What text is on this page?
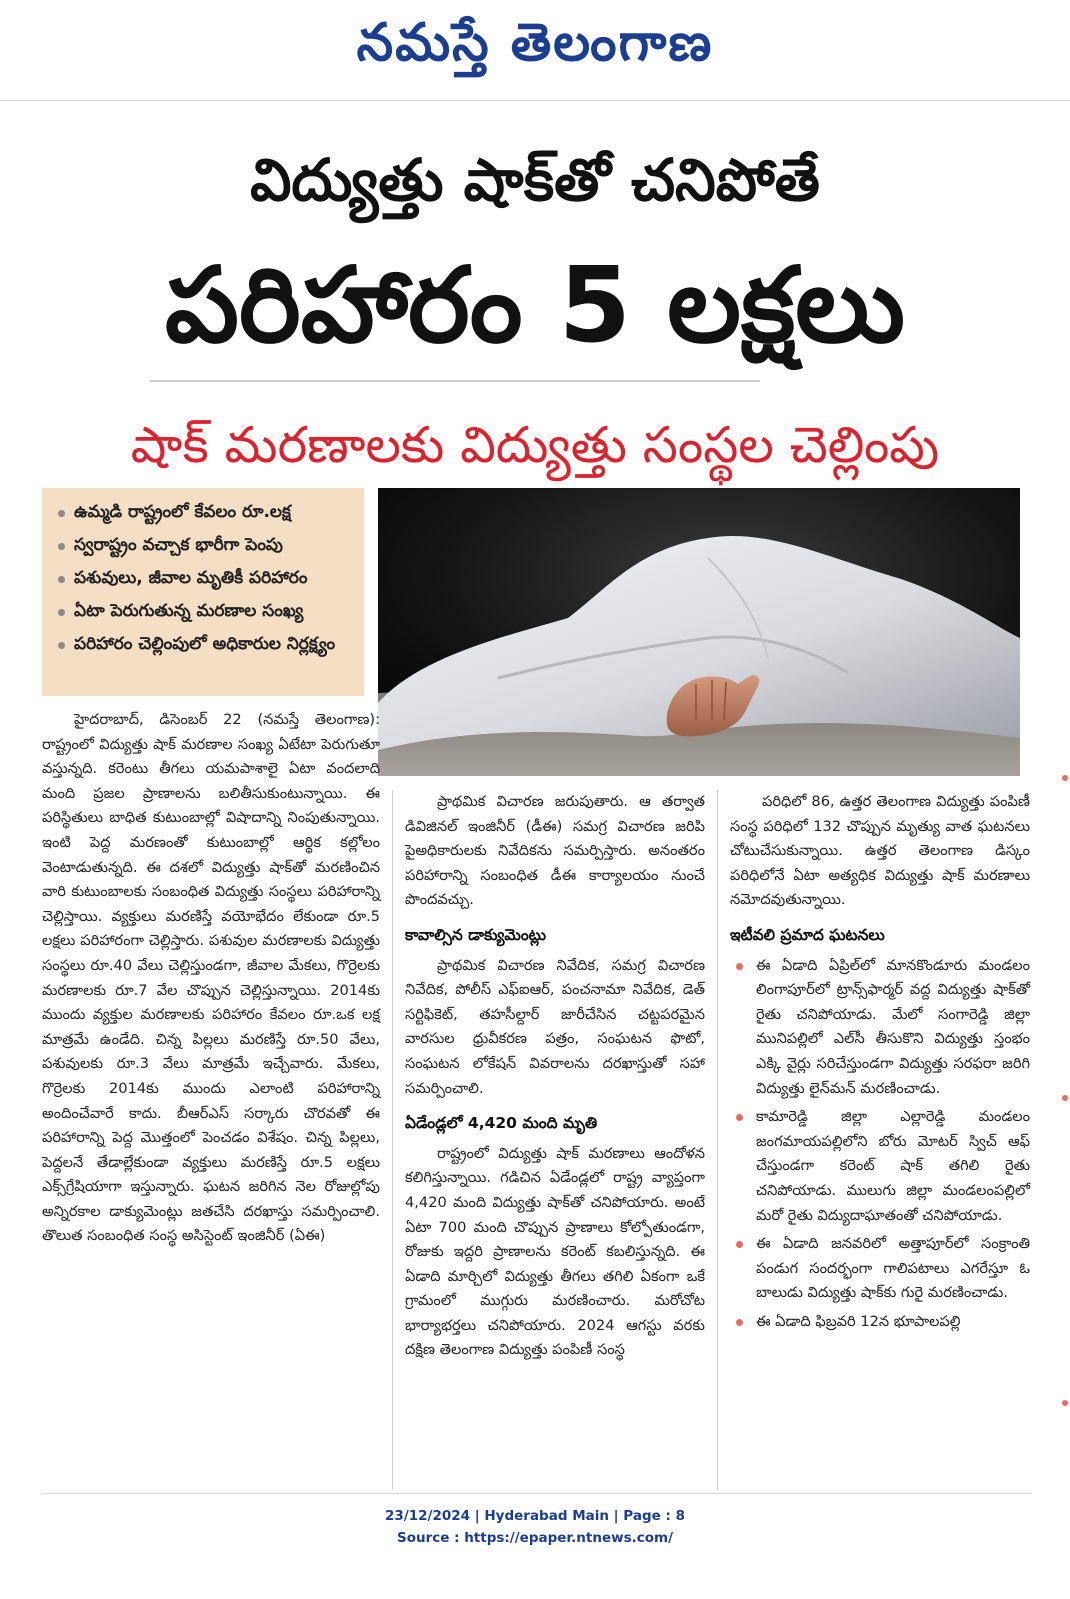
నమస్తే తెలంగాణ
విద్యుత్తు షాక్‌తో చనిపోతే
పరిహారం 5 లక్షలు
షాక్ మరణాలకు విద్యుత్తు సంస్థల చెల్లింపు
ఉమ్మడి రాష్ట్రంలో కేవలం రూ.లక్ష
స్వరాష్ట్రం వచ్చాక భారీగా పెంపు
పశువులు, జీవాల మృతికీ పరిహారం
ఏటా పెరుగుతున్న మరణాల సంఖ్య
పరిహారం చెల్లింపులో అధికారుల నిర్లక్ష్యం

హైదరాబాద్, డిసెంబర్ 22 (నమస్తే తెలంగాణ): రాష్ట్రంలో విద్యుత్తు షాక్ మరణాల సంఖ్య ఏటేటా పెరుగుతూ వస్తున్నది. కరెంటు తీగలు యమపాశాలై ఏటా వందలాది మంది ప్రజల ప్రాణాలను బలితీసుకుంటున్నాయి. ఈ పరిస్థితులు బాధిత కుటుంబాల్లో విషాదాన్ని నింపుతున్నాయి. ఇంటి పెద్ద మరణంతో కుటుంబాల్లో ఆర్థిక కల్లోలం వెంటాడుతున్నది. ఈ దశలో విద్యుత్తు షాక్‌తో మరణించిన వారి కుటుంబాలకు సంబంధిత విద్యుత్తు సంస్థలు పరిహారాన్ని చెల్లిస్తాయి. వ్యక్తులు మరణిస్తే వయోభేదం లేకుండా రూ.5 లక్షలు పరిహారంగా చెల్లిస్తారు. పశువుల మరణాలకు విద్యుత్తు సంస్థలు రూ.40 వేలు చెల్లిస్తుండగా, జీవాల మేకలు, గొర్రెలకు మరణాలకు రూ.7 వేల చొప్పున చెల్లిస్తున్నాయి. 2014కు ముందు వ్యక్తుల మరణాలకు పరిహారం కేవలం రూ.ఒక లక్ష మాత్రమే ఉండేది. చిన్న పిల్లలు మరణిస్తే రూ.50 వేలు, పశువులకు రూ.3 వేలు మాత్రమే ఇచ్చేవారు. మేకలు, గొర్రెలకు 2014కు ముందు ఎలాంటి పరిహారాన్ని అందించేవారే కాదు. బీఆర్ఎస్ సర్కారు చొరవతో ఈ పరిహారాన్ని పెద్ద మొత్తంలో పెంచడం విశేషం. చిన్న పిల్లలు, పెద్దలనే తేడాల్లేకుండా వ్యక్తులు మరణిస్తే రూ.5 లక్షలు ఎక్స్‌గ్రేషియాగా ఇస్తున్నారు. ఘటన జరిగిన నెల రోజుల్లోపు అన్నిరకాల డాక్యుమెంట్లు జతచేసి దరఖాస్తు సమర్పించాలి. తొలుత సంబంధిత సంస్థ అసిస్టెంట్ ఇంజినీర్ (ఏఈ)

ప్రాథమిక విచారణ జరుపుతారు. ఆ తర్వాత డివిజినల్ ఇంజినీర్ (డీఈ) సమగ్ర విచారణ జరిపి పైఅధికారులకు నివేదికను సమర్పిస్తారు. అనంతరం పరిహారాన్ని సంబంధిత డీఈ కార్యాలయం నుంచే పొందవచ్చు.

కావాల్సిన డాక్యుమెంట్లు

ప్రాథమిక విచారణ నివేదిక, సమగ్ర విచారణ నివేదిక, పోలీస్ ఎఫ్ఐఆర్, పంచనామా నివేదిక, డెత్ సర్టిఫికెట్, తహసీల్దార్ జారీచేసిన చట్టపరమైన వారసుల ధ్రువీకరణ పత్రం, సంఘటన ఫొటో, సంఘటన లోకేషన్ వివరాలను దరఖాస్తుతో సహా సమర్పించాలి.

ఏడేండ్లలో 4,420 మంది మృతి

రాష్ట్రంలో విద్యుత్తు షాక్ మరణాలు ఆందోళన కలిగిస్తున్నాయి. గడిచిన ఏడేండ్లలో రాష్ట్ర వ్యాప్తంగా 4,420 మంది విద్యుత్తు షాక్‌తో చనిపోయారు. అంటే ఏటా 700 మంది చొప్పున ప్రాణాలు కోల్పోతుండగా, రోజుకు ఇద్దరి ప్రాణాలను కరెంట్ కబలిస్తున్నది. ఈ ఏడాది మార్చిలో విద్యుత్తు తీగలు తగిలి ఏకంగా ఒకే గ్రామంలో ముగ్గురు మరణించారు. మరోచోట భార్యాభర్తలు చనిపోయారు. 2024 ఆగస్టు వరకు దక్షిణ తెలంగాణ విద్యుత్తు పంపిణీ సంస్థ

పరిధిలో 86, ఉత్తర తెలంగాణ విద్యుత్తు పంపిణీ సంస్థ పరిధిలో 132 చొప్పున మృత్యు వాత ఘటనలు చోటుచేసుకున్నాయి. ఉత్తర తెలంగాణ డిస్కం పరిధిలోనే ఏటా అత్యధిక విద్యుత్తు షాక్ మరణాలు నమోదవుతున్నాయి.

ఇటీవలి ప్రమాద ఘటనలు
ఈ ఏడాది ఏప్రిల్‌లో మానకొండూరు మండలం లింగాపూర్‌లో ట్రాన్స్‌ఫార్మర్ వద్ద విద్యుత్తు షాక్‌తో రైతు చనిపోయాడు. మేలో సంగారెడ్డి జిల్లా మునిపల్లిలో ఎల్‌సీ తీసుకొని విద్యుత్తు స్తంభం ఎక్కి వైర్లు సరిచేస్తుండగా విద్యుత్తు సరఫరా జరిగి విద్యుత్తు లైన్‌మన్ మరణించాడు.
కామారెడ్డి జిల్లా ఎల్లారెడ్డి మండలం జంగమాయపల్లిలోని బోరు మోటర్ స్విచ్ ఆఫ్ చేస్తుండగా కరెంట్ షాక్ తగిలి రైతు చనిపోయాడు. ములుగు జిల్లా మండలంపల్లిలో మరో రైతు విద్యుదాఘాతంతో చనిపోయాడు.
ఈ ఏడాది జనవరిలో అత్తాపూర్‌లో సంక్రాంతి పండుగ సందర్భంగా గాలిపటాలు ఎగరేస్తూ ఓ బాలుడు విద్యుత్తు షాక్‌కు గురై మరణించాడు.
ఈ ఏడాది ఫిబ్రవరి 12న భూపాలపల్లి
23/12/2024 | Hyderabad Main | Page : 8
Source : https://epaper.ntnews.com/
